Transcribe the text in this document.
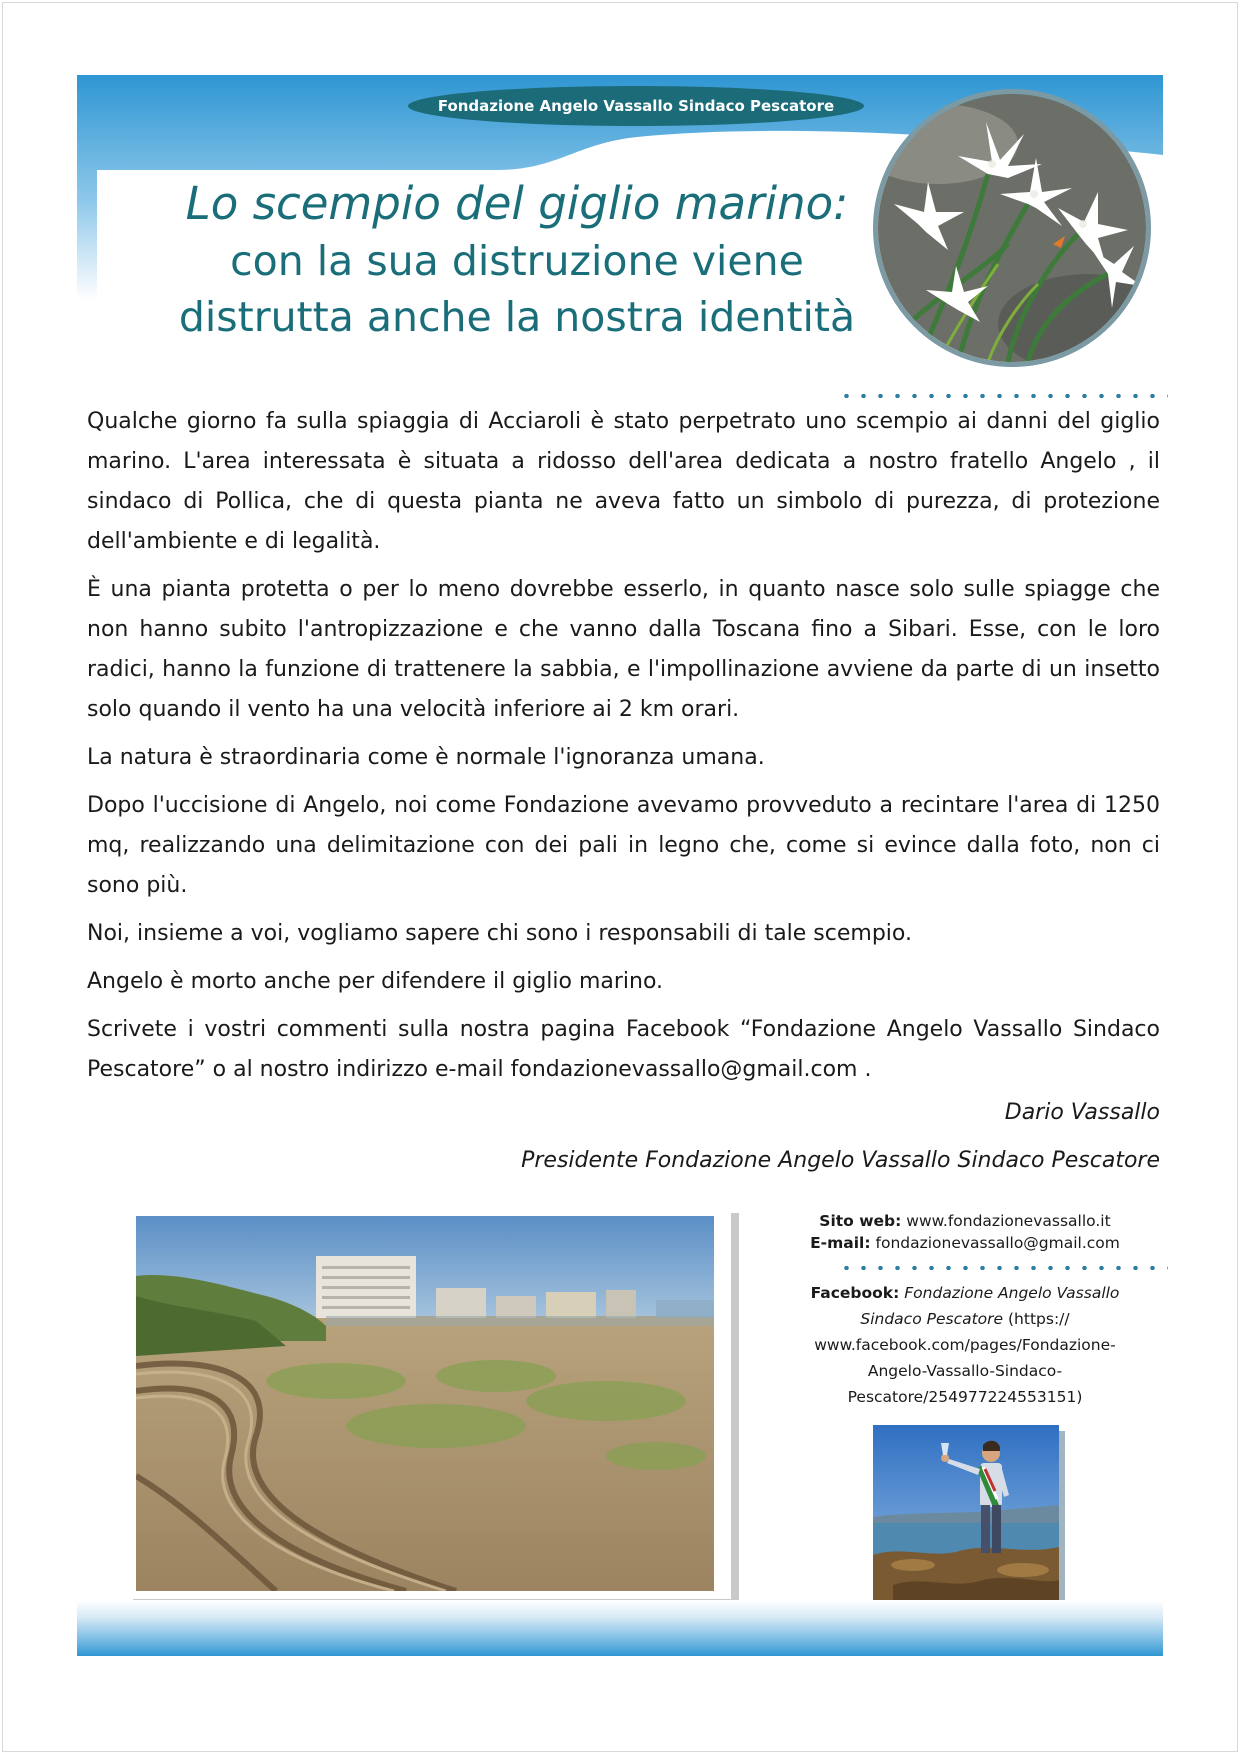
Fondazione Angelo Vassallo Sindaco Pescatore
Lo scempio del giglio marino:
con la sua distruzione viene
distrutta anche la nostra identità

Qualche giorno fa sulla spiaggia di Acciaroli è stato perpetrato uno scempio ai danni del giglio marino. L'area interessata è situata a ridosso dell'area dedicata a nostro fratello Angelo , il sindaco di Pollica, che di questa pianta ne aveva fatto un simbolo di purezza, di protezione dell'ambiente e di legalità.

È una pianta protetta o per lo meno dovrebbe esserlo, in quanto nasce solo sulle spiagge che non hanno subito l'antropizzazione e che vanno dalla Toscana fino a Sibari. Esse, con le loro radici, hanno la funzione di trattenere la sabbia, e l'impollinazione avviene da parte di un insetto solo quando il vento ha una velocità inferiore ai 2 km orari.

La natura è straordinaria come è normale l'ignoranza umana.

Dopo l'uccisione di Angelo, noi come Fondazione avevamo provveduto a recintare l'area di 1250 mq, realizzando una delimitazione con dei pali in legno che, come si evince dalla foto, non ci sono più.

Noi, insieme a voi, vogliamo sapere chi sono i responsabili di tale scempio.

Angelo è morto anche per difendere il giglio marino.

Scrivete i vostri commenti sulla nostra pagina Facebook “Fondazione Angelo Vassallo Sindaco Pescatore” o al nostro indirizzo e-mail fondazionevassallo@gmail.com .

Dario Vassallo
Presidente Fondazione Angelo Vassallo Sindaco Pescatore
Sito web: www.fondazionevassallo.it
E-mail: fondazionevassallo@gmail.com
Facebook: Fondazione Angelo Vassallo
Sindaco Pescatore (https://
www.facebook.com/pages/Fondazione-
Angelo-Vassallo-Sindaco-
Pescatore/254977224553151)
